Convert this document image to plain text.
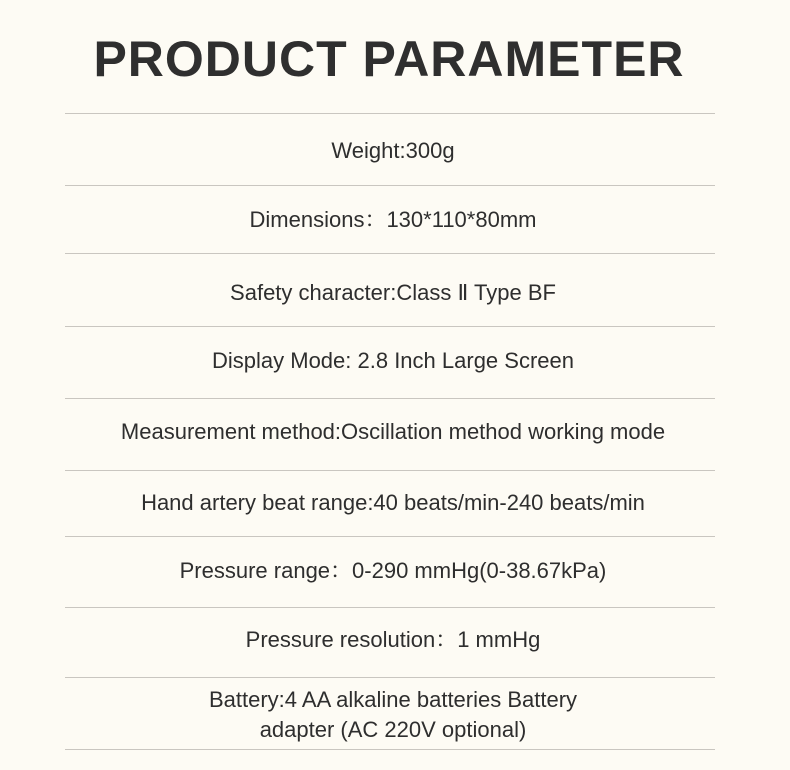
PRODUCT PARAMETER
Weight:300g
Dimensions：130*110*80mm
Safety character:Class Ⅱ Type BF
Display Mode: 2.8 Inch Large Screen
Measurement method:Oscillation method working mode
Hand artery beat range:40 beats/min-240 beats/min
Pressure range：0-290 mmHg(0-38.67kPa)
Pressure resolution：1 mmHg
Battery:4 AA alkaline batteries Battery
adapter (AC 220V optional)
